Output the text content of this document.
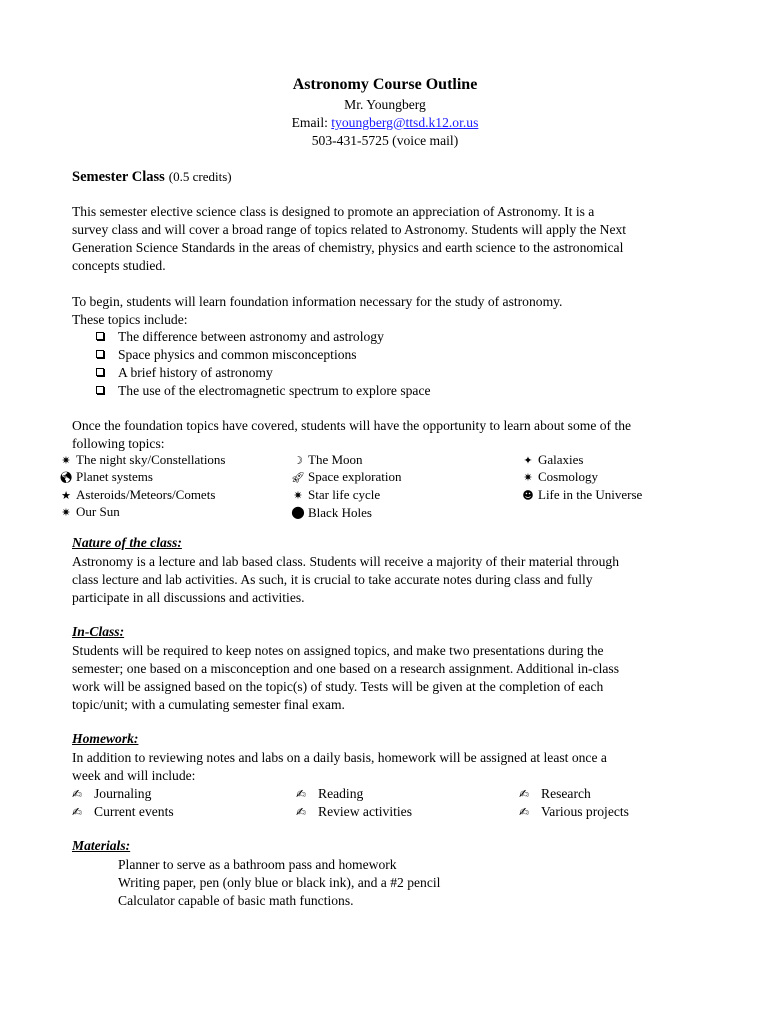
Astronomy Course Outline
Mr. Youngberg
Email: tyoungberg@ttsd.k12.or.us
503-431-5725 (voice mail)
Semester Class (0.5 credits)
This semester elective science class is designed to promote an appreciation of Astronomy. It is a
survey class and will cover a broad range of topics related to Astronomy. Students will apply the Next
Generation Science Standards in the areas of chemistry, physics and earth science to the astronomical
concepts studied.
To begin, students will learn foundation information necessary for the study of astronomy.
These topics include:
The difference between astronomy and astrology
Space physics and common misconceptions
A brief history of astronomy
The use of the electromagnetic spectrum to explore space
Once the foundation topics have covered, students will have the opportunity to learn about some of the
following topics:
✷ The night sky/Constellations
🌎︎ Planet systems
★ Asteroids/Meteors/Comets
✷ Our Sun
☽ The Moon
🚀︎ Space exploration
✷ Star life cycle
● Black Holes
✦ Galaxies
✷ Cosmology
☻ Life in the Universe
Nature of the class:
Astronomy is a lecture and lab based class. Students will receive a majority of their material through
class lecture and lab activities. As such, it is crucial to take accurate notes during class and fully
participate in all discussions and activities.
In-Class:
Students will be required to keep notes on assigned topics, and make two presentations during the
semester; one based on a misconception and one based on a research assignment. Additional in-class
work will be assigned based on the topic(s) of study. Tests will be given at the completion of each
topic/unit; with a cumulating semester final exam.
Homework:
In addition to reviewing notes and labs on a daily basis, homework will be assigned at least once a
week and will include:
✍ Journaling
✍ Current events
✍ Reading
✍ Review activities
✍ Research
✍ Various projects
Materials:
Planner to serve as a bathroom pass and homework
Writing paper, pen (only blue or black ink), and a #2 pencil
Calculator capable of basic math functions.
